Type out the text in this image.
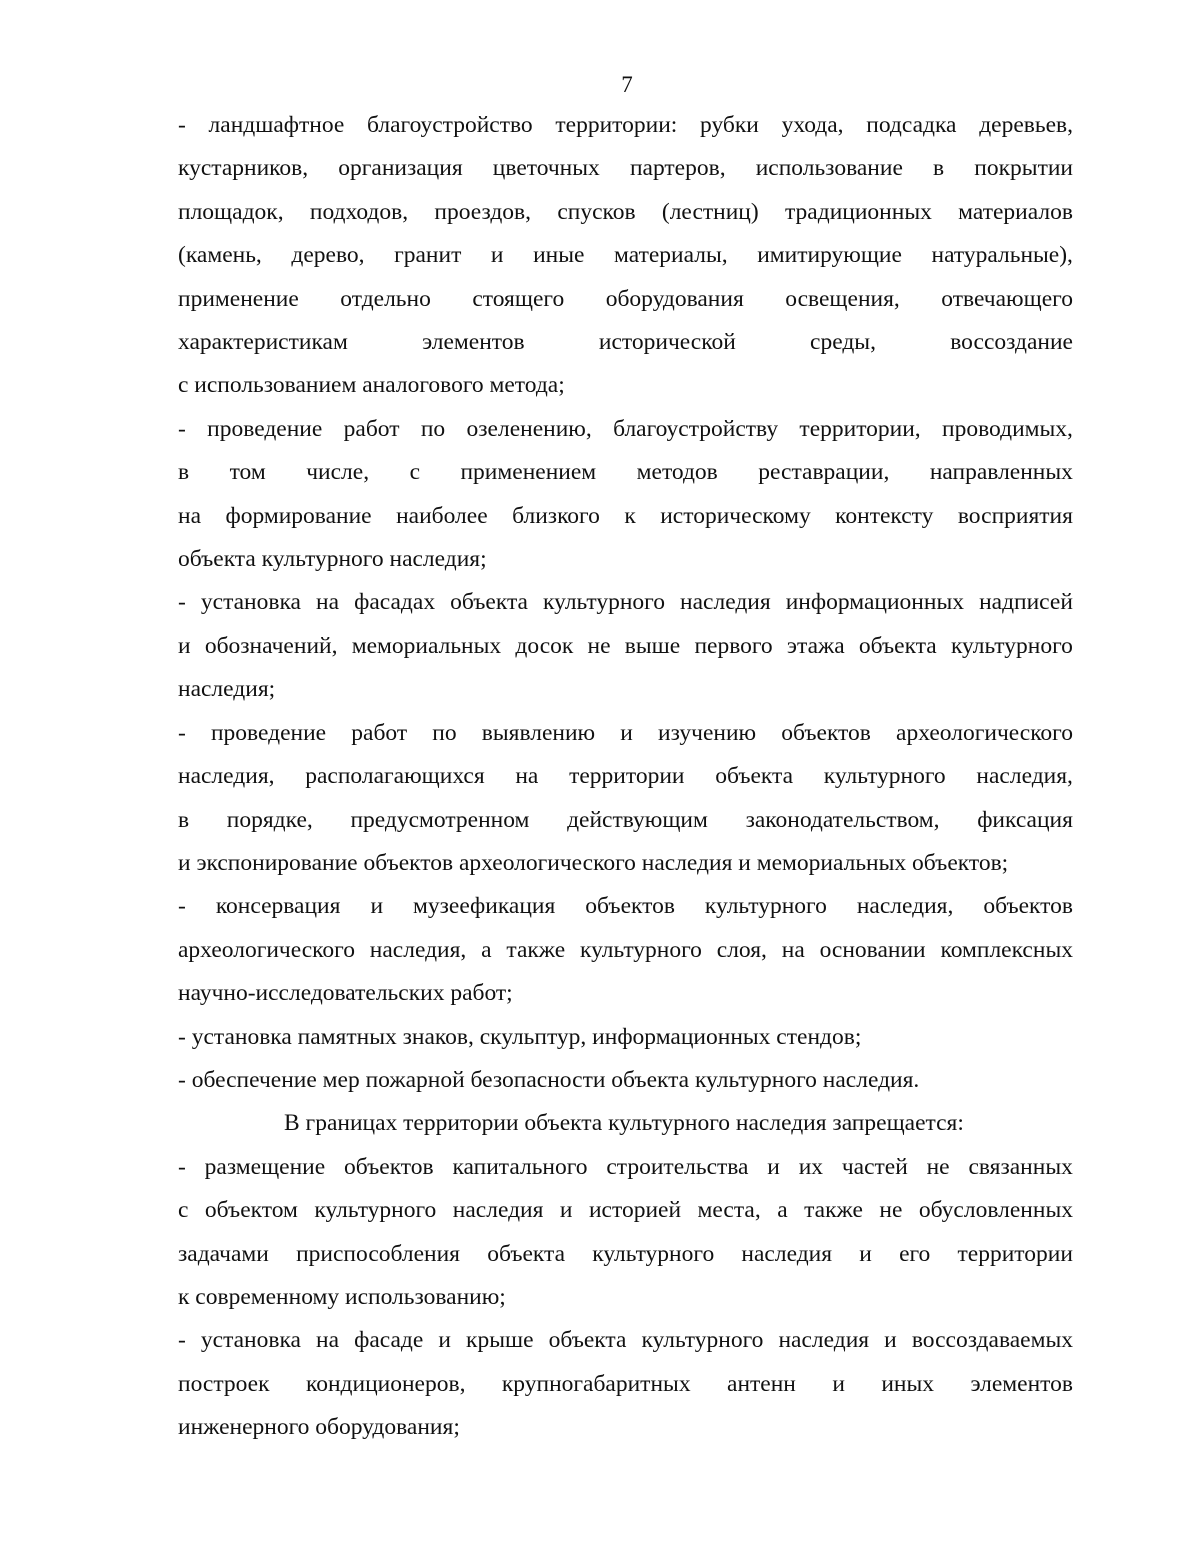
7
- ландшафтное благоустройство территории: рубки ухода, подсадка деревьев,
кустарников, организация цветочных партеров, использование в покрытии
площадок, подходов, проездов, спусков (лестниц) традиционных материалов
(камень, дерево, гранит и иные материалы, имитирующие натуральные),
применение отдельно стоящего оборудования освещения, отвечающего
характеристикам	элементов	исторической	среды,	воссоздание
с использованием аналогового метода;
- проведение работ по озеленению, благоустройству территории, проводимых,
в том числе, с применением методов реставрации, направленных
на формирование наиболее близкого к историческому контексту восприятия
объекта культурного наследия;
- установка на фасадах объекта культурного наследия информационных надписей
и обозначений, мемориальных досок не выше первого этажа объекта культурного
наследия;
- проведение работ по выявлению и изучению объектов археологического
наследия, располагающихся на территории объекта культурного наследия,
в порядке, предусмотренном действующим законодательством, фиксация
и экспонирование объектов археологического наследия и мемориальных объектов;
- консервация и музеефикация объектов культурного наследия, объектов
археологического наследия, а также культурного слоя, на основании комплексных
научно-исследовательских работ;
- установка памятных знаков, скульптур, информационных стендов;
- обеспечение мер пожарной безопасности объекта культурного наследия.
В границах территории объекта культурного наследия запрещается:
- размещение объектов капитального строительства и их частей не связанных
с объектом культурного наследия и историей места, а также не обусловленных
задачами приспособления объекта культурного наследия и его территории
к современному использованию;
- установка на фасаде и крыше объекта культурного наследия и воссоздаваемых
построек кондиционеров, крупногабаритных антенн и иных элементов
инженерного оборудования;
